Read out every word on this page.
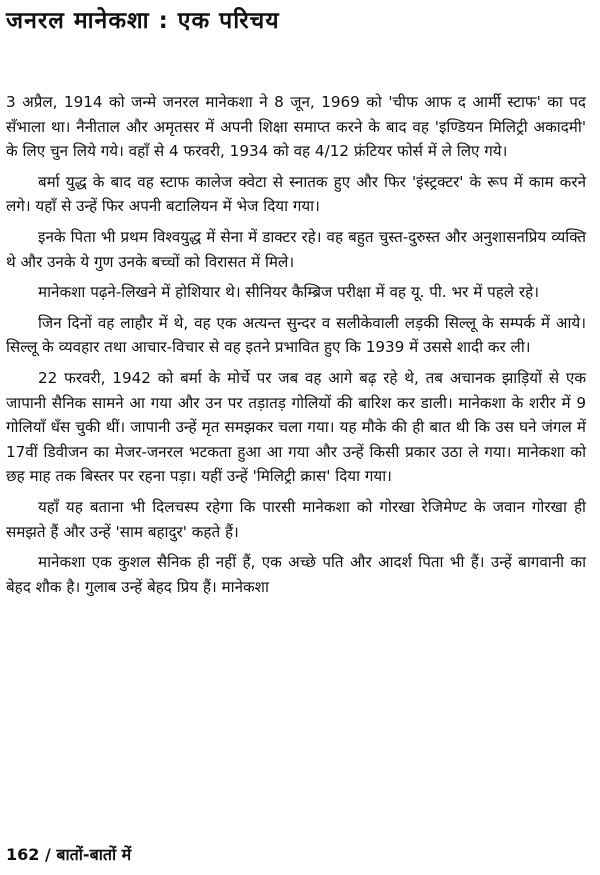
जनरल मानेकशा : एक परिचय

3 अप्रैल, 1914 को जन्मे जनरल मानेकशा ने 8 जून, 1969 को 'चीफ आफ द आर्मी स्टाफ' का पद सँभाला था। नैनीताल और अमृतसर में अपनी शिक्षा समाप्त करने के बाद वह 'इण्डियन मिलिट्री अकादमी' के लिए चुन लिये गये। वहाँ से 4 फरवरी, 1934 को वह 4/12 फ्रंटियर फोर्स में ले लिए गये।

बर्मा युद्ध के बाद वह स्टाफ कालेज क्वेटा से स्नातक हुए और फिर 'इंस्ट्रक्टर' के रूप में काम करने लगे। यहाँ से उन्हें फिर अपनी बटालियन में भेज दिया गया।

इनके पिता भी प्रथम विश्वयुद्ध में सेना में डाक्टर रहे। वह बहुत चुस्त-दुरुस्त और अनुशासनप्रिय व्यक्ति थे और उनके ये गुण उनके बच्चों को विरासत में मिले।

मानेकशा पढ़ने-लिखने में होशियार थे। सीनियर कैम्ब्रिज परीक्षा में वह यू. पी. भर में पहले रहे।

जिन दिनों वह लाहौर में थे, वह एक अत्यन्त सुन्दर व सलीकेवाली लड़की सिल्लू के सम्पर्क में आये। सिल्लू के व्यवहार तथा आचार-विचार से वह इतने प्रभावित हुए कि 1939 में उससे शादी कर ली।

22 फरवरी, 1942 को बर्मा के मोर्चे पर जब वह आगे बढ़ रहे थे, तब अचानक झाड़ियों से एक जापानी सैनिक सामने आ गया और उन पर तड़ातड़ गोलियों की बारिश कर डाली। मानेकशा के शरीर में 9 गोलियाँ धँस चुकी थीं। जापानी उन्हें मृत समझकर चला गया। यह मौके की ही बात थी कि उस घने जंगल में 17वीं डिवीजन का मेजर-जनरल भटकता हुआ आ गया और उन्हें किसी प्रकार उठा ले गया। मानेकशा को छह माह तक बिस्तर पर रहना पड़ा। यहीं उन्हें 'मिलिट्री क्रास' दिया गया।

यहाँ यह बताना भी दिलचस्प रहेगा कि पारसी मानेकशा को गोरखा रेजिमेण्ट के जवान गोरखा ही समझते हैं और उन्हें 'साम बहादुर' कहते हैं।

मानेकशा एक कुशल सैनिक ही नहीं हैं, एक अच्छे पति और आदर्श पिता भी हैं। उन्हें बागवानी का बेहद शौक है। गुलाब उन्हें बेहद प्रिय हैं। मानेकशा

162 / बातों-बातों में
